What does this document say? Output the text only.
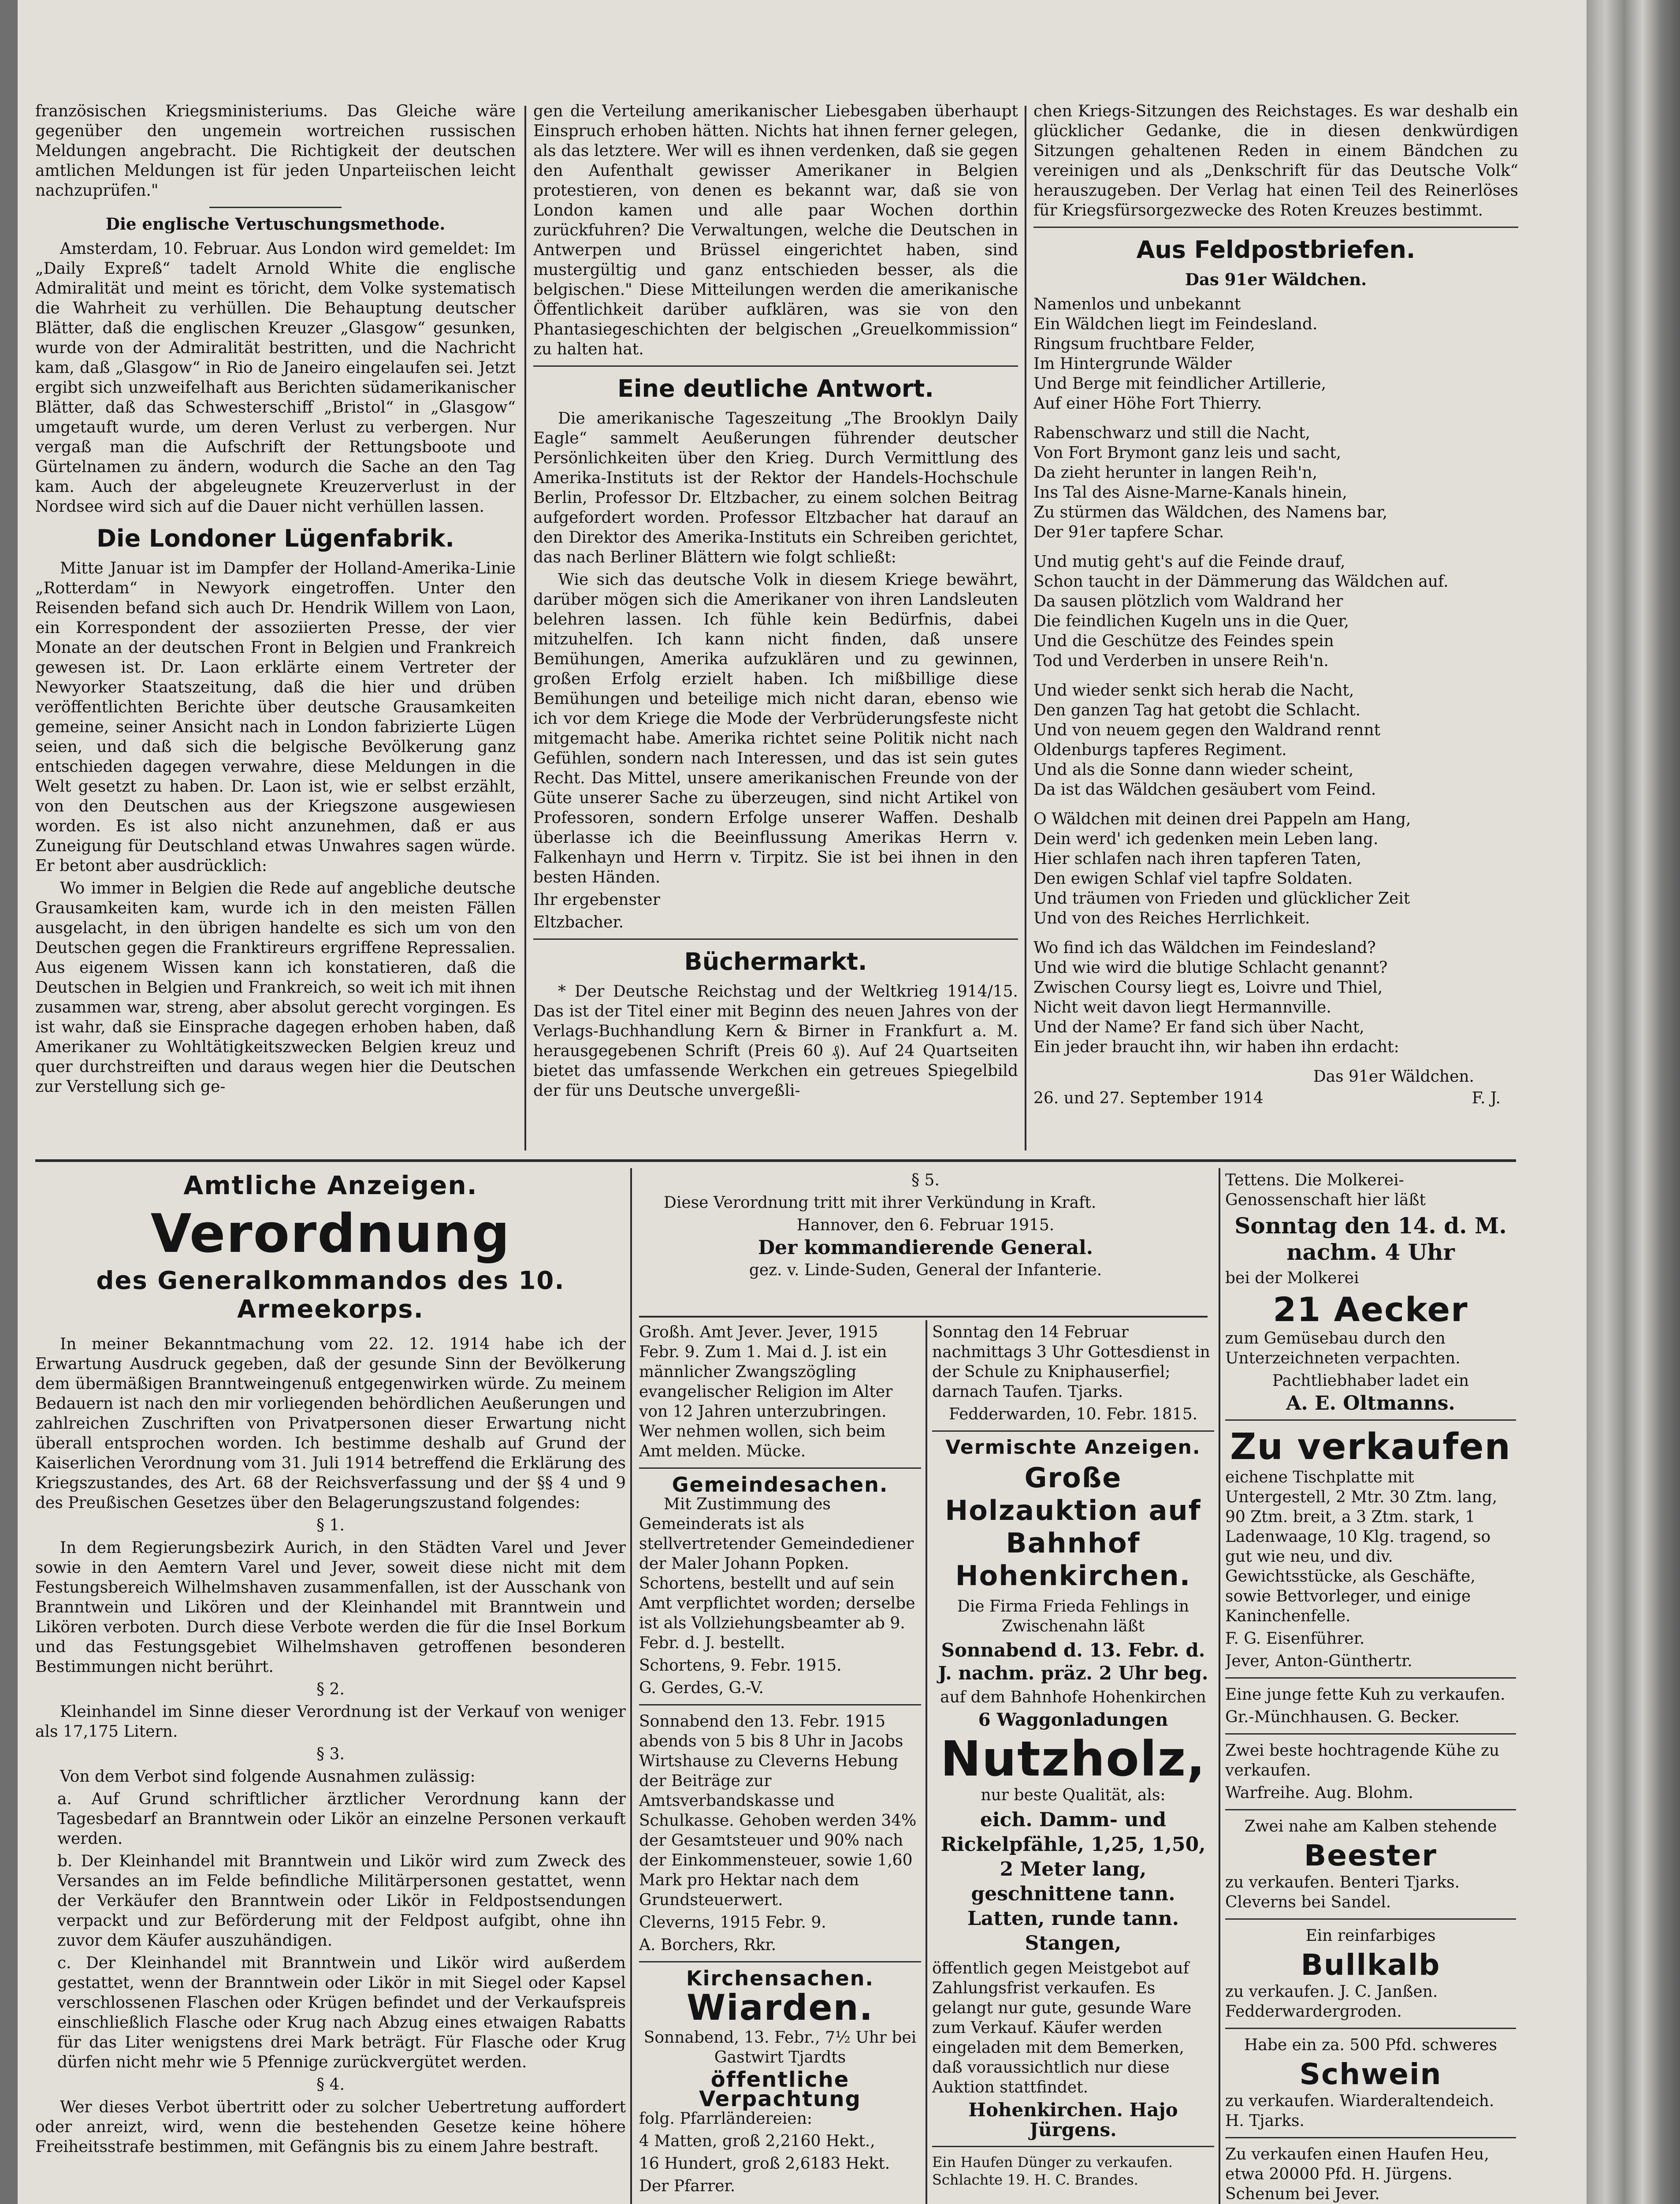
französischen Kriegsministeriums. Das Gleiche wäre gegenüber den ungemein wortreichen russischen Meldungen angebracht. Die Richtigkeit der deutschen amtlichen Meldungen ist für jeden Unparteiischen leicht nachzuprüfen."

Die englische Vertuschungsmethode.

Amsterdam, 10. Februar. Aus London wird gemeldet: Im „Daily Expreß“ tadelt Arnold White die englische Admiralität und meint es töricht, dem Volke systematisch die Wahrheit zu verhüllen. Die Behauptung deutscher Blätter, daß die englischen Kreuzer „Glasgow“ gesunken, wurde von der Admiralität bestritten, und die Nachricht kam, daß „Glasgow“ in Rio de Janeiro eingelaufen sei. Jetzt ergibt sich unzweifelhaft aus Berichten südamerikanischer Blätter, daß das Schwesterschiff „Bristol“ in „Glasgow“ umgetauft wurde, um deren Verlust zu verbergen. Nur vergaß man die Aufschrift der Rettungsboote und Gürtelnamen zu ändern, wodurch die Sache an den Tag kam. Auch der abgeleugnete Kreuzerverlust in der Nordsee wird sich auf die Dauer nicht verhüllen lassen.

Die Londoner Lügenfabrik.

Mitte Januar ist im Dampfer der Holland-Amerika-Linie „Rotterdam“ in Newyork eingetroffen. Unter den Reisenden befand sich auch Dr. Hendrik Willem von Laon, ein Korrespondent der assoziierten Presse, der vier Monate an der deutschen Front in Belgien und Frankreich gewesen ist. Dr. Laon erklärte einem Vertreter der Newyorker Staatszeitung, daß die hier und drüben veröffentlichten Berichte über deutsche Grausamkeiten gemeine, seiner Ansicht nach in London fabrizierte Lügen seien, und daß sich die belgische Bevölkerung ganz entschieden dagegen verwahre, diese Meldungen in die Welt gesetzt zu haben. Dr. Laon ist, wie er selbst erzählt, von den Deutschen aus der Kriegszone ausgewiesen worden. Es ist also nicht anzunehmen, daß er aus Zuneigung für Deutschland etwas Unwahres sagen würde. Er betont aber ausdrücklich:

Wo immer in Belgien die Rede auf angebliche deutsche Grausamkeiten kam, wurde ich in den meisten Fällen ausgelacht, in den übrigen handelte es sich um von den Deutschen gegen die Franktireurs ergriffene Repressalien. Aus eigenem Wissen kann ich konstatieren, daß die Deutschen in Belgien und Frankreich, so weit ich mit ihnen zusammen war, streng, aber absolut gerecht vorgingen. Es ist wahr, daß sie Einsprache dagegen erhoben haben, daß Amerikaner zu Wohltätigkeitszwecken Belgien kreuz und quer durchstreiften und daraus wegen hier die Deutschen zur Verstellung sich ge-

gen die Verteilung amerikanischer Liebesgaben überhaupt Einspruch erhoben hätten. Nichts hat ihnen ferner gelegen, als das letztere. Wer will es ihnen verdenken, daß sie gegen den Aufenthalt gewisser Amerikaner in Belgien protestieren, von denen es bekannt war, daß sie von London kamen und alle paar Wochen dorthin zurückfuhren? Die Verwaltungen, welche die Deutschen in Antwerpen und Brüssel eingerichtet haben, sind mustergültig und ganz entschieden besser, als die belgischen." Diese Mitteilungen werden die amerikanische Öffentlichkeit darüber aufklären, was sie von den Phantasiegeschichten der belgischen „Greuelkommission“ zu halten hat.

Eine deutliche Antwort.

Die amerikanische Tageszeitung „The Brooklyn Daily Eagle“ sammelt Aeußerungen führender deutscher Persönlichkeiten über den Krieg. Durch Vermittlung des Amerika-Instituts ist der Rektor der Handels-Hochschule Berlin, Professor Dr. Eltzbacher, zu einem solchen Beitrag aufgefordert worden. Professor Eltzbacher hat darauf an den Direktor des Amerika-Instituts ein Schreiben gerichtet, das nach Berliner Blättern wie folgt schließt:

Wie sich das deutsche Volk in diesem Kriege bewährt, darüber mögen sich die Amerikaner von ihren Landsleuten belehren lassen. Ich fühle kein Bedürfnis, dabei mitzuhelfen. Ich kann nicht finden, daß unsere Bemühungen, Amerika aufzuklären und zu gewinnen, großen Erfolg erzielt haben. Ich mißbillige diese Bemühungen und beteilige mich nicht daran, ebenso wie ich vor dem Kriege die Mode der Verbrüderungsfeste nicht mitgemacht habe. Amerika richtet seine Politik nicht nach Gefühlen, sondern nach Interessen, und das ist sein gutes Recht. Das Mittel, unsere amerikanischen Freunde von der Güte unserer Sache zu überzeugen, sind nicht Artikel von Professoren, sondern Erfolge unserer Waffen. Deshalb überlasse ich die Beeinflussung Amerikas Herrn v. Falkenhayn und Herrn v. Tirpitz. Sie ist bei ihnen in den besten Händen.

Ihr ergebenster

Eltzbacher.

Büchermarkt.

* Der Deutsche Reichstag und der Weltkrieg 1914/15. Das ist der Titel einer mit Beginn des neuen Jahres von der Verlags-Buchhandlung Kern & Birner in Frankfurt a. M. herausgegebenen Schrift (Preis 60 ₰). Auf 24 Quartseiten bietet das umfassende Werkchen ein getreues Spiegelbild der für uns Deutsche unvergeßli-

chen Kriegs-Sitzungen des Reichstages. Es war deshalb ein glücklicher Gedanke, die in diesen denkwürdigen Sitzungen gehaltenen Reden in einem Bändchen zu vereinigen und als „Denkschrift für das Deutsche Volk“ herauszugeben. Der Verlag hat einen Teil des Reinerlöses für Kriegsfürsorgezwecke des Roten Kreuzes bestimmt.

Aus Feldpostbriefen.
Das 91er Wäldchen.

Namenlos und unbekannt

Ein Wäldchen liegt im Feindesland.

Ringsum fruchtbare Felder,

Im Hintergrunde Wälder

Und Berge mit feindlicher Artillerie,

Auf einer Höhe Fort Thierry.

Rabenschwarz und still die Nacht,

Von Fort Brymont ganz leis und sacht,

Da zieht herunter in langen Reih'n,

Ins Tal des Aisne-Marne-Kanals hinein,

Zu stürmen das Wäldchen, des Namens bar,

Der 91er tapfere Schar.

Und mutig geht's auf die Feinde drauf,

Schon taucht in der Dämmerung das Wäldchen auf.

Da sausen plötzlich vom Waldrand her

Die feindlichen Kugeln uns in die Quer,

Und die Geschütze des Feindes spein

Tod und Verderben in unsere Reih'n.

Und wieder senkt sich herab die Nacht,

Den ganzen Tag hat getobt die Schlacht.

Und von neuem gegen den Waldrand rennt

Oldenburgs tapferes Regiment.

Und als die Sonne dann wieder scheint,

Da ist das Wäldchen gesäubert vom Feind.

O Wäldchen mit deinen drei Pappeln am Hang,

Dein werd' ich gedenken mein Leben lang.

Hier schlafen nach ihren tapferen Taten,

Den ewigen Schlaf viel tapfre Soldaten.

Und träumen von Frieden und glücklicher Zeit

Und von des Reiches Herrlichkeit.

Wo find ich das Wäldchen im Feindesland?

Und wie wird die blutige Schlacht genannt?

Zwischen Coursy liegt es, Loivre und Thiel,

Nicht weit davon liegt Hermannville.

Und der Name? Er fand sich über Nacht,

Ein jeder braucht ihn, wir haben ihn erdacht:

Das 91er Wäldchen.

26. und 27. September 1914	F. J.
Amtliche Anzeigen.
Verordnung
des Generalkommandos des 10. Armeekorps.

In meiner Bekanntmachung vom 22. 12. 1914 habe ich der Erwartung Ausdruck gegeben, daß der gesunde Sinn der Bevölkerung dem übermäßigen Branntweingenuß entgegenwirken würde. Zu meinem Bedauern ist nach den mir vorliegenden behördlichen Aeußerungen und zahlreichen Zuschriften von Privatpersonen dieser Erwartung nicht überall entsprochen worden. Ich bestimme deshalb auf Grund der Kaiserlichen Verordnung vom 31. Juli 1914 betreffend die Erklärung des Kriegszustandes, des Art. 68 der Reichsverfassung und der §§ 4 und 9 des Preußischen Gesetzes über den Belagerungszustand folgendes:

§ 1.

In dem Regierungsbezirk Aurich, in den Städten Varel und Jever sowie in den Aemtern Varel und Jever, soweit diese nicht mit dem Festungsbereich Wilhelmshaven zusammenfallen, ist der Ausschank von Branntwein und Likören und der Kleinhandel mit Branntwein und Likören verboten. Durch diese Verbote werden die für die Insel Borkum und das Festungsgebiet Wilhelmshaven getroffenen besonderen Bestimmungen nicht berührt.

§ 2.

Kleinhandel im Sinne dieser Verordnung ist der Verkauf von weniger als 17,175 Litern.

§ 3.

Von dem Verbot sind folgende Ausnahmen zulässig:

a. Auf Grund schriftlicher ärztlicher Verordnung kann der Tagesbedarf an Branntwein oder Likör an einzelne Personen verkauft werden.

b. Der Kleinhandel mit Branntwein und Likör wird zum Zweck des Versandes an im Felde befindliche Militärpersonen gestattet, wenn der Verkäufer den Branntwein oder Likör in Feldpostsendungen verpackt und zur Beförderung mit der Feldpost aufgibt, ohne ihn zuvor dem Käufer auszuhändigen.

c. Der Kleinhandel mit Branntwein und Likör wird außerdem gestattet, wenn der Branntwein oder Likör in mit Siegel oder Kapsel verschlossenen Flaschen oder Krügen befindet und der Verkaufspreis einschließlich Flasche oder Krug nach Abzug eines etwaigen Rabatts für das Liter wenigstens drei Mark beträgt. Für Flasche oder Krug dürfen nicht mehr wie 5 Pfennige zurückvergütet werden.

§ 4.

Wer dieses Verbot übertritt oder zu solcher Uebertretung auffordert oder anreizt, wird, wenn die bestehenden Gesetze keine höhere Freiheitsstrafe bestimmen, mit Gefängnis bis zu einem Jahre bestraft.

§ 5.

Diese Verordnung tritt mit ihrer Verkündung in Kraft.

Hannover, den 6. Februar 1915.

Der kommandierende General.

gez. v. Linde-Suden, General der Infanterie.

Großh. Amt Jever. Jever, 1915 Febr. 9. Zum 1. Mai d. J. ist ein männlicher Zwangszögling evangelischer Religion im Alter von 12 Jahren unterzubringen. Wer nehmen wollen, sich beim Amt melden. Mücke.

Gemeindesachen.

Mit Zustimmung des Gemeinderats ist als stellvertretender Gemeindediener der Maler Johann Popken. Schortens, bestellt und auf sein Amt verpflichtet worden; derselbe ist als Vollziehungsbeamter ab 9. Febr. d. J. bestellt.

Schortens, 9. Febr. 1915.

G. Gerdes, G.-V.

Sonnabend den 13. Febr. 1915 abends von 5 bis 8 Uhr in Jacobs Wirtshause zu Cleverns Hebung der Beiträge zur Amtsverbandskasse und Schulkasse. Gehoben werden 34% der Gesamtsteuer und 90% nach der Einkommensteuer, sowie 1,60 Mark pro Hektar nach dem Grundsteuerwert.

Cleverns, 1915 Febr. 9.

A. Borchers, Rkr.

Kirchensachen.
Wiarden.

Sonnabend, 13. Febr., 7½ Uhr bei Gastwirt Tjardts

öffentliche Verpachtung

folg. Pfarrländereien:

4 Matten, groß 2,2160 Hekt.,

16 Hundert, groß 2,6183 Hekt.

Der Pfarrer.

Sonntag den 14 Februar nachmittags 3 Uhr Gottesdienst in der Schule zu Kniphauserfiel; darnach Taufen. Tjarks.

Fedderwarden, 10. Febr. 1815.

Vermischte Anzeigen.
Große Holzauktion auf Bahnhof Hohenkirchen.

Die Firma Frieda Fehlings in Zwischenahn läßt

Sonnabend d. 13. Febr. d. J. nachm. präz. 2 Uhr beg.

auf dem Bahnhofe Hohenkirchen

6 Waggonladungen

Nutzholz,

nur beste Qualität, als:

eich. Damm- und Rickelpfähle, 1,25, 1,50, 2 Meter lang, geschnittene tann. Latten, runde tann. Stangen,

öffentlich gegen Meistgebot auf Zahlungsfrist verkaufen. Es gelangt nur gute, gesunde Ware zum Verkauf. Käufer werden eingeladen mit dem Bemerken, daß voraussichtlich nur diese Auktion stattfindet.

Hohenkirchen. Hajo Jürgens.

Ein Haufen Dünger zu verkaufen. Schlachte 19. H. C. Brandes.

Tettens. Die Molkerei-Genossenschaft hier läßt

Sonntag den 14. d. M. nachm. 4 Uhr

bei der Molkerei

21 Aecker

zum Gemüsebau durch den Unterzeichneten verpachten.

Pachtliebhaber ladet ein

A. E. Oltmanns.

Zu verkaufen

eichene Tischplatte mit Untergestell, 2 Mtr. 30 Ztm. lang, 90 Ztm. breit, a 3 Ztm. stark, 1 Ladenwaage, 10 Klg. tragend, so gut wie neu, und div. Gewichtsstücke, als Geschäfte, sowie Bettvorleger, und einige Kaninchenfelle.

F. G. Eisenführer.

Jever, Anton-Günthertr.

Eine junge fette Kuh zu verkaufen.

Gr.-Münchhausen. G. Becker.

Zwei beste hochtragende Kühe zu verkaufen.

Warfreihe. Aug. Blohm.

Zwei nahe am Kalben stehende

Beester

zu verkaufen. Benteri Tjarks. Cleverns bei Sandel.

Ein reinfarbiges

Bullkalb

zu verkaufen. J. C. Janßen. Fedderwardergroden.

Habe ein za. 500 Pfd. schweres

Schwein

zu verkaufen. Wiarderaltendeich. H. Tjarks.

Zu verkaufen einen Haufen Heu, etwa 20000 Pfd. H. Jürgens. Schenum bei Jever.
